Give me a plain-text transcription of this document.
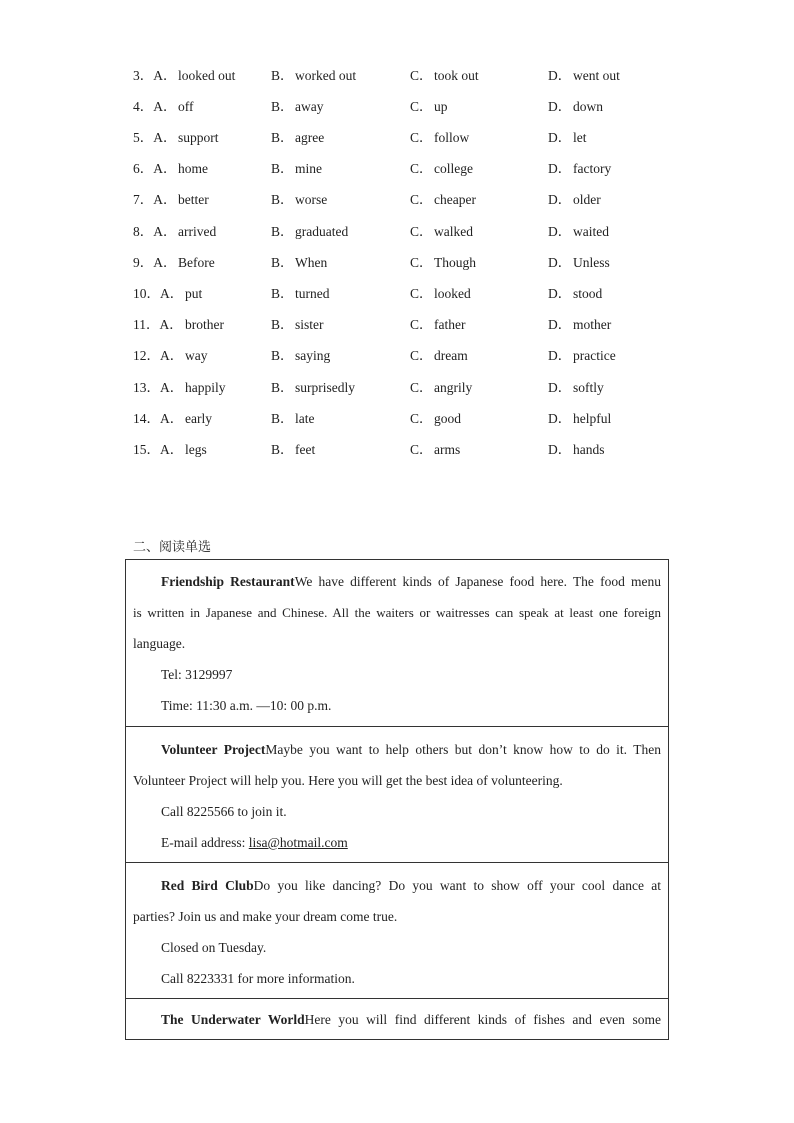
3．A． looked out	B． worked out	C． took out	D． went out
4．A． off	B． away	C． up	D． down
5．A． support	B． agree	C． follow	D． let
6．A． home	B． mine	C． college	D． factory
7．A． better	B． worse	C． cheaper	D． older
8．A． arrived	B． graduated	C． walked	D． waited
9．A． Before	B． When	C． Though	D． Unless
10．A． put	B． turned	C． looked	D． stood
11．A． brother	B． sister	C． father	D． mother
12．A． way	B． saying	C． dream	D． practice
13．A． happily	B． surprisedly	C． angrily	D． softly
14．A． early	B． late	C． good	D． helpful
15．A． legs	B． feet	C． arms	D． hands
二、阅读单选
Friendship RestaurantWe have different kinds of Japanese food here. The food menu
is written in Japanese and Chinese. All the waiters or waitresses can speak at least one foreign
language.
Tel: 3129997
Time: 11:30 a.m. —10: 00 p.m.
Volunteer ProjectMaybe you want to help others but don’t know how to do it. Then
Volunteer Project will help you. Here you will get the best idea of volunteering.
Call 8225566 to join it.
E-mail address: lisa@hotmail.com
Red Bird ClubDo you like dancing? Do you want to show off your cool dance at
parties? Join us and make your dream come true.
Closed on Tuesday.
Call 8223331 for more information.
The Underwater WorldHere you will find different kinds of fishes and even some
